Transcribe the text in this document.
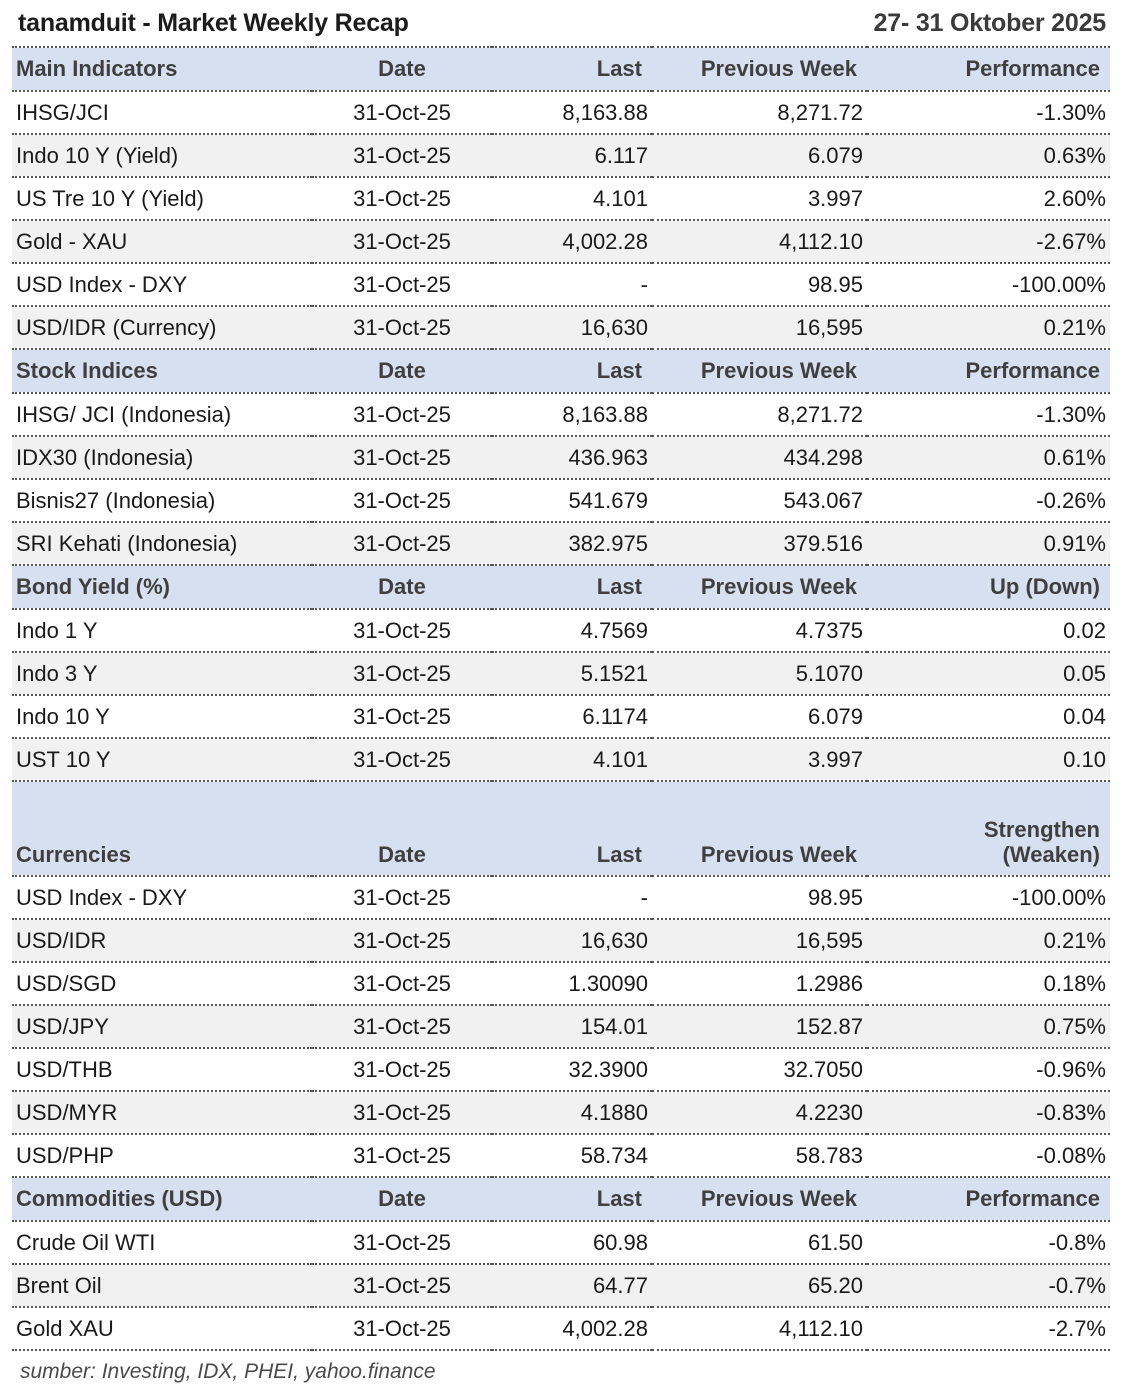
tanamduit - Market Weekly Recap	27- 31 Oktober 2025
Main Indicators	Date	Last	Previous Week	Performance
IHSG/JCI	31-Oct-25	8,163.88	8,271.72	-1.30%
Indo 10 Y (Yield)	31-Oct-25	6.117	6.079	0.63%
US Tre 10 Y (Yield)	31-Oct-25	4.101	3.997	2.60%
Gold - XAU	31-Oct-25	4,002.28	4,112.10	-2.67%
USD Index - DXY	31-Oct-25	-	98.95	-100.00%
USD/IDR (Currency)	31-Oct-25	16,630	16,595	0.21%
Stock Indices	Date	Last	Previous Week	Performance
IHSG/ JCI (Indonesia)	31-Oct-25	8,163.88	8,271.72	-1.30%
IDX30 (Indonesia)	31-Oct-25	436.963	434.298	0.61%
Bisnis27 (Indonesia)	31-Oct-25	541.679	543.067	-0.26%
SRI Kehati (Indonesia)	31-Oct-25	382.975	379.516	0.91%
Bond Yield (%)	Date	Last	Previous Week	Up (Down)
Indo 1 Y	31-Oct-25	4.7569	4.7375	0.02
Indo 3 Y	31-Oct-25	5.1521	5.1070	0.05
Indo 10 Y	31-Oct-25	6.1174	6.079	0.04
UST 10 Y	31-Oct-25	4.101	3.997	0.10
Currencies	Date	Last	Previous Week	Strengthen
(Weaken)

USD Index - DXY	31-Oct-25	-	98.95	-100.00%
USD/IDR	31-Oct-25	16,630	16,595	0.21%
USD/SGD	31-Oct-25	1.30090	1.2986	0.18%
USD/JPY	31-Oct-25	154.01	152.87	0.75%
USD/THB	31-Oct-25	32.3900	32.7050	-0.96%
USD/MYR	31-Oct-25	4.1880	4.2230	-0.83%
USD/PHP	31-Oct-25	58.734	58.783	-0.08%
Commodities (USD)	Date	Last	Previous Week	Performance
Crude Oil WTI	31-Oct-25	60.98	61.50	-0.8%
Brent Oil	31-Oct-25	64.77	65.20	-0.7%
Gold XAU	31-Oct-25	4,002.28	4,112.10	-2.7%
sumber: Investing, IDX, PHEI, yahoo.finance
